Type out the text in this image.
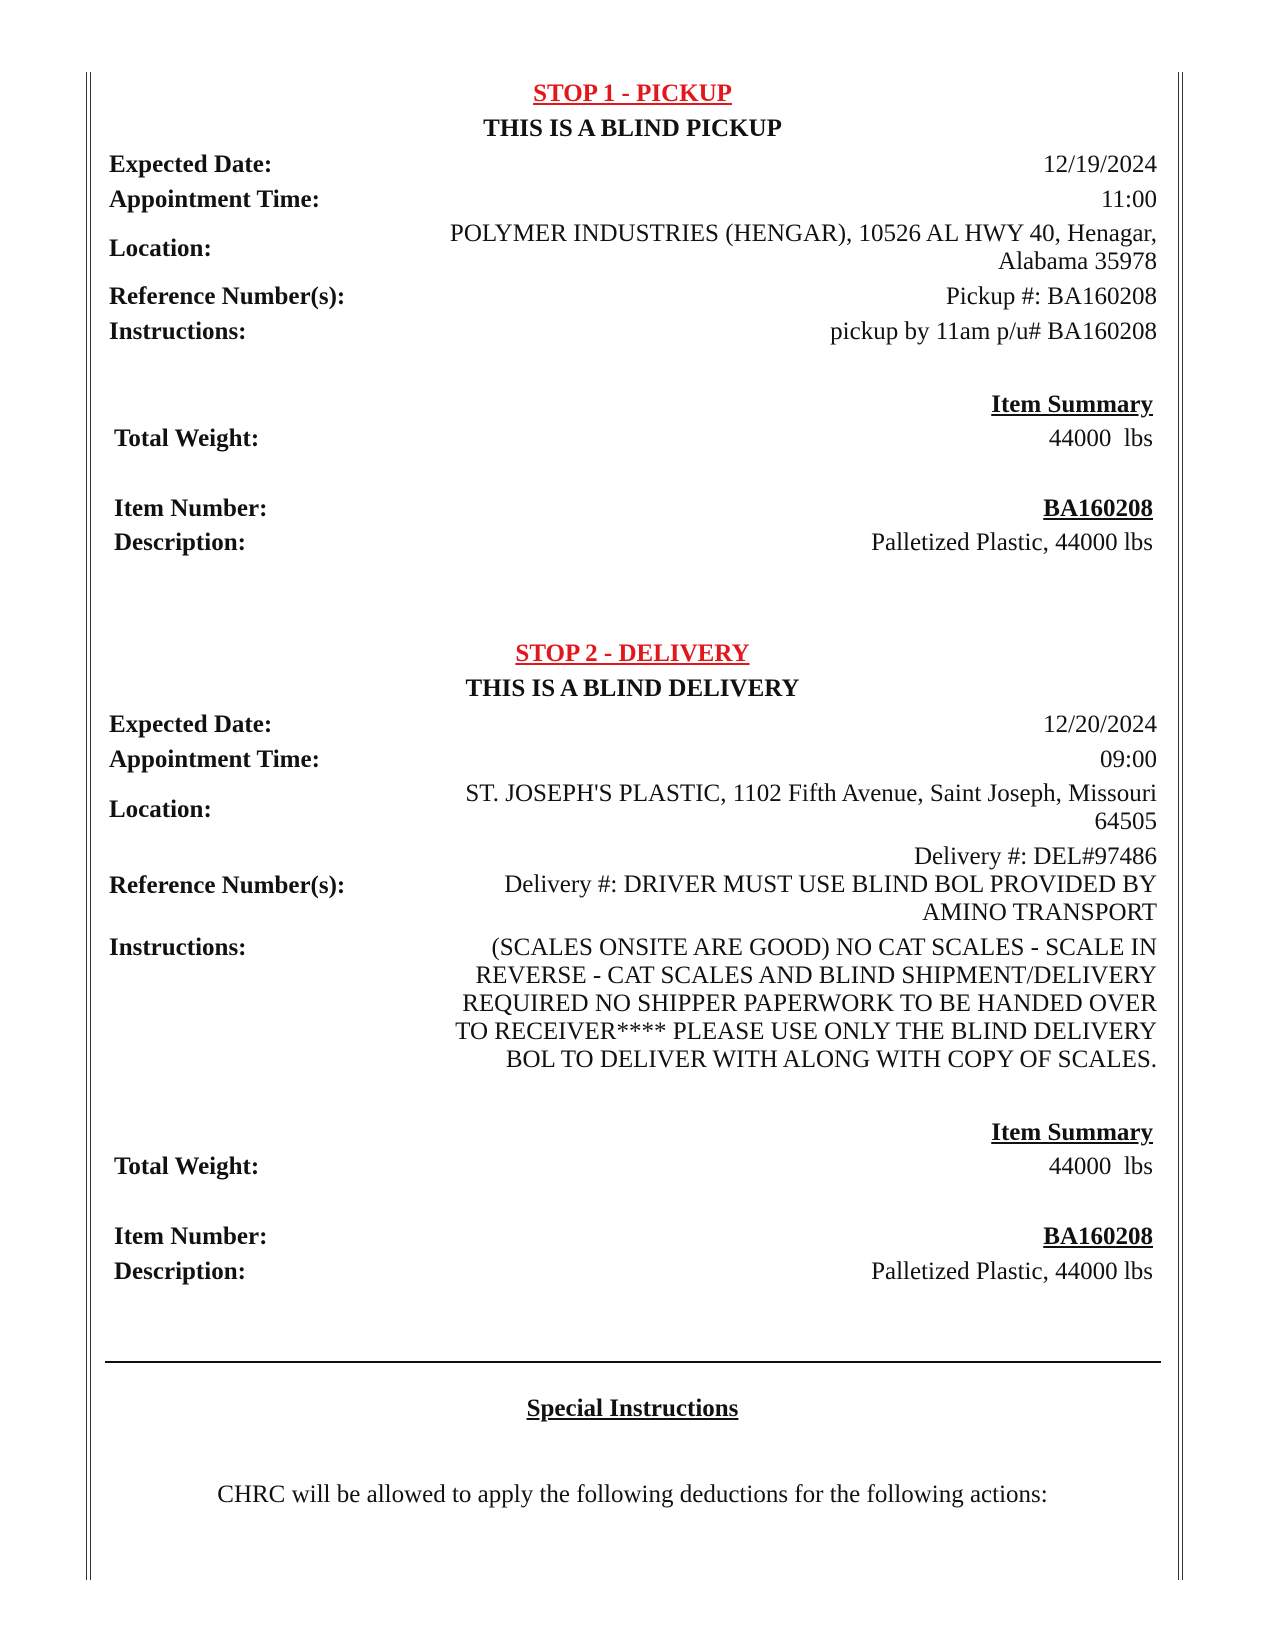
STOP 1 - PICKUP
THIS IS A BLIND PICKUP
Expected Date:	12/19/2024
Appointment Time:	11:00
Location:
POLYMER INDUSTRIES (HENGAR), 10526 AL HWY 40, Henagar, Alabama 35978
Reference Number(s):	Pickup #: BA160208
Instructions:	pickup by 11am p/u# BA160208
Item Summary
Total Weight:	44000  lbs
Item Number:	BA160208
Description:	Palletized Plastic, 44000 lbs
STOP 2 - DELIVERY
THIS IS A BLIND DELIVERY
Expected Date:	12/20/2024
Appointment Time:	09:00
Location:
ST. JOSEPH'S PLASTIC, 1102 Fifth Avenue, Saint Joseph, Missouri 64505
Delivery #: DEL#97486
Reference Number(s):	Delivery #: DRIVER MUST USE BLIND BOL PROVIDED BY AMINO TRANSPORT
Instructions:	(SCALES ONSITE ARE GOOD) NO CAT SCALES - SCALE IN REVERSE - CAT SCALES AND BLIND SHIPMENT/DELIVERY REQUIRED NO SHIPPER PAPERWORK TO BE HANDED OVER TO RECEIVER**** PLEASE USE ONLY THE BLIND DELIVERY BOL TO DELIVER WITH ALONG WITH COPY OF SCALES.
Item Summary
Total Weight:	44000  lbs
Item Number:	BA160208
Description:	Palletized Plastic, 44000 lbs
Special Instructions
CHRC will be allowed to apply the following deductions for the following actions:
